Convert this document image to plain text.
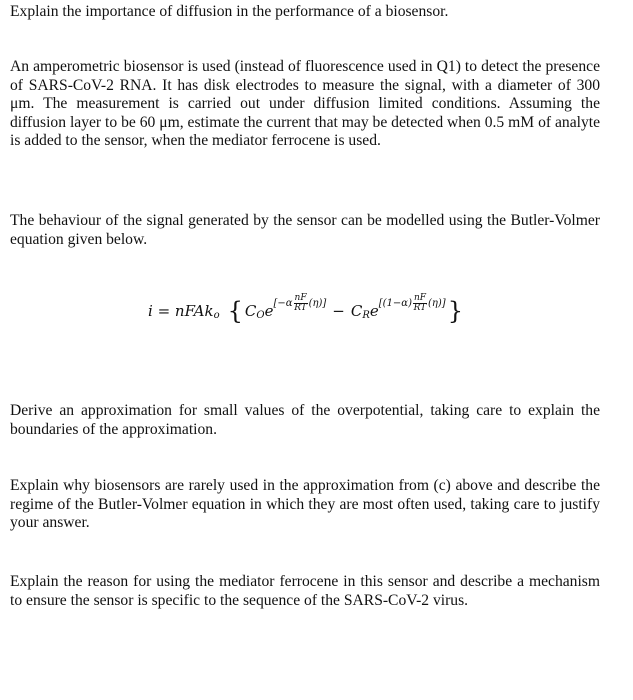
Explain the importance of diffusion in the performance of a biosensor.

An amperometric biosensor is used (instead of fluorescence used in Q1) to detect the presence of SARS-CoV-2 RNA. It has disk electrodes to measure the signal, with a diameter of 300 μm. The measurement is carried out under diffusion limited conditions. Assuming the diffusion layer to be 60 μm, estimate the current that may be detected when 0.5 mM of analyte is added to the sensor, when the mediator ferrocene is used.

The behaviour of the signal generated by the sensor can be modelled using the Butler-Volmer equation given below.

i = nFAk o { C O e $[-\alpha \frac{nF}{RT} (\eta)] - C$ R e $[(1-\alpha) \frac{nF}{RT} (\eta)]$ }

Derive an approximation for small values of the overpotential, taking care to explain the boundaries of the approximation.

Explain why biosensors are rarely used in the approximation from (c) above and describe the regime of the Butler-Volmer equation in which they are most often used, taking care to justify your answer.

Explain the reason for using the mediator ferrocene in this sensor and describe a mechanism to ensure the sensor is specific to the sequence of the SARS-CoV-2 virus.
